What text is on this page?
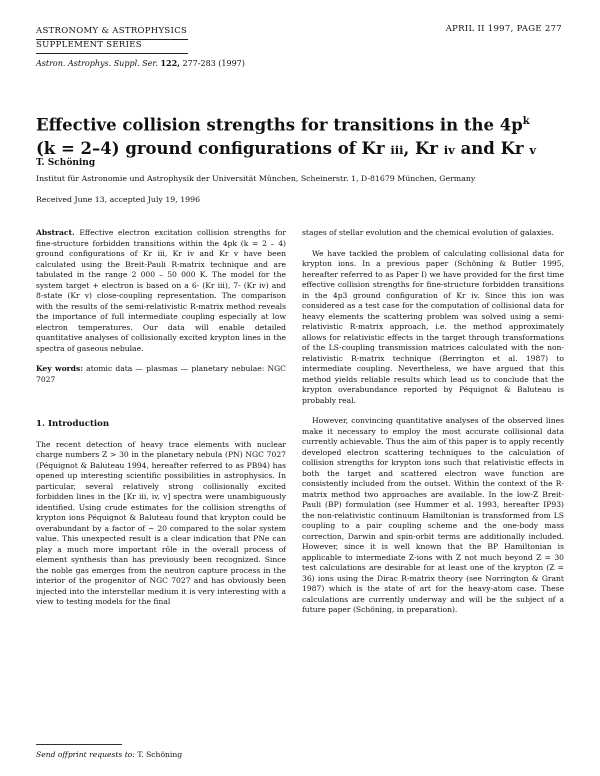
ASTRONOMY & ASTROPHYSICS
SUPPLEMENT SERIES
APRIL II 1997, PAGE 277
Astron. Astrophys. Suppl. Ser. 122, 277-283 (1997)
Effective collision strengths for transitions in the $4p^k$
(k = 2–4) ground configurations of Kr iii, Kr iv and Kr v
T. Schöning
Institut für Astronomie und Astrophysik der Universität München, Scheinerstr. 1, D-81679 München, Germany
Received June 13, accepted July 19, 1996

Abstract. Effective electron excitation collision strengths for fine-structure forbidden transitions within the 4pk (k = 2 – 4) ground configurations of Kr iii, Kr iv and Kr v have been calculated using the Breit-Pauli R-matrix technique and are tabulated in the range 2 000 – 50 000 K. The model for the system target + electron is based on a 6- (Kr iii), 7- (Kr iv) and 8-state (Kr v) close-coupling representation. The comparison with the results of the semi-relativistic R-matrix method reveals the importance of full intermediate coupling especially at low electron temperatures. Our data will enable detailed quantitative analyses of collisionally excited krypton lines in the spectra of gaseous nebulae.

Key words: atomic data — plasmas — planetary nebulae: NGC 7027

1. Introduction

The recent detection of heavy trace elements with nuclear charge numbers Z > 30 in the planetary nebula (PN) NGC 7027 (Péquignot & Baluteau 1994, hereafter referred to as PB94) has opened up interesting scientific possibilities in astrophysics. In particular, several relatively strong collisionally excited forbidden lines in the [Kr iii, iv, v] spectra were unambiguously identified. Using crude estimates for the collision strengths of krypton ions Péquignot & Baluteau found that krypton could be overabundant by a factor of ~ 20 compared to the solar system value. This unexpected result is a clear indication that PNe can play a much more important rôle in the overall process of element synthesis than has previously been recognized. Since the noble gas emerges from the neutron capture process in the interior of the progenitor of NGC 7027 and has obviously been injected into the interstellar medium it is very interesting with a view to testing models for the final

stages of stellar evolution and the chemical evolution of galaxies.

We have tackled the problem of calculating collisional data for krypton ions. In a previous paper (Schöning & Butler 1995, hereafter referred to as Paper I) we have provided for the first time effective collision strengths for fine-structure forbidden transitions in the 4p3 ground configuration of Kr iv. Since this ion was considered as a test case for the computation of collisional data for heavy elements the scattering problem was solved using a semi-relativistic R-matrix approach, i.e. the method approximately allows for relativistic effects in the target through transformations of the LS-coupling transmission matrices calculated with the non-relativistic R-matrix technique (Berrington et al. 1987) to intermediate coupling. Nevertheless, we have argued that this method yields reliable results which lead us to conclude that the krypton overabundance reported by Péquignot & Baluteau is probably real.

However, convincing quantitative analyses of the observed lines make it necessary to employ the most accurate collisional data currently achievable. Thus the aim of this paper is to apply recently developed electron scattering techniques to the calculation of collision strengths for krypton ions such that relativistic effects in both the target and scattered electron wave function are consistently included from the outset. Within the context of the R-matrix method two approaches are available. In the low-Z Breit-Pauli (BP) formulation (see Hummer et al. 1993, hereafter IP93) the non-relativistic continuum Hamiltonian is transformed from LS coupling to a pair coupling scheme and the one-body mass correction, Darwin and spin-orbit terms are additionally included. However, since it is well known that the BP Hamiltonian is applicable to intermediate Z-ions with Z not much beyond Z = 30 test calculations are desirable for at least one of the krypton (Z = 36) ions using the Dirac R-matrix theory (see Norrington & Grant 1987) which is the state of art for the heavy-atom case. These calculations are currently underway and will be the subject of a future paper (Schöning, in preparation).

Send offprint requests to: T. Schöning
